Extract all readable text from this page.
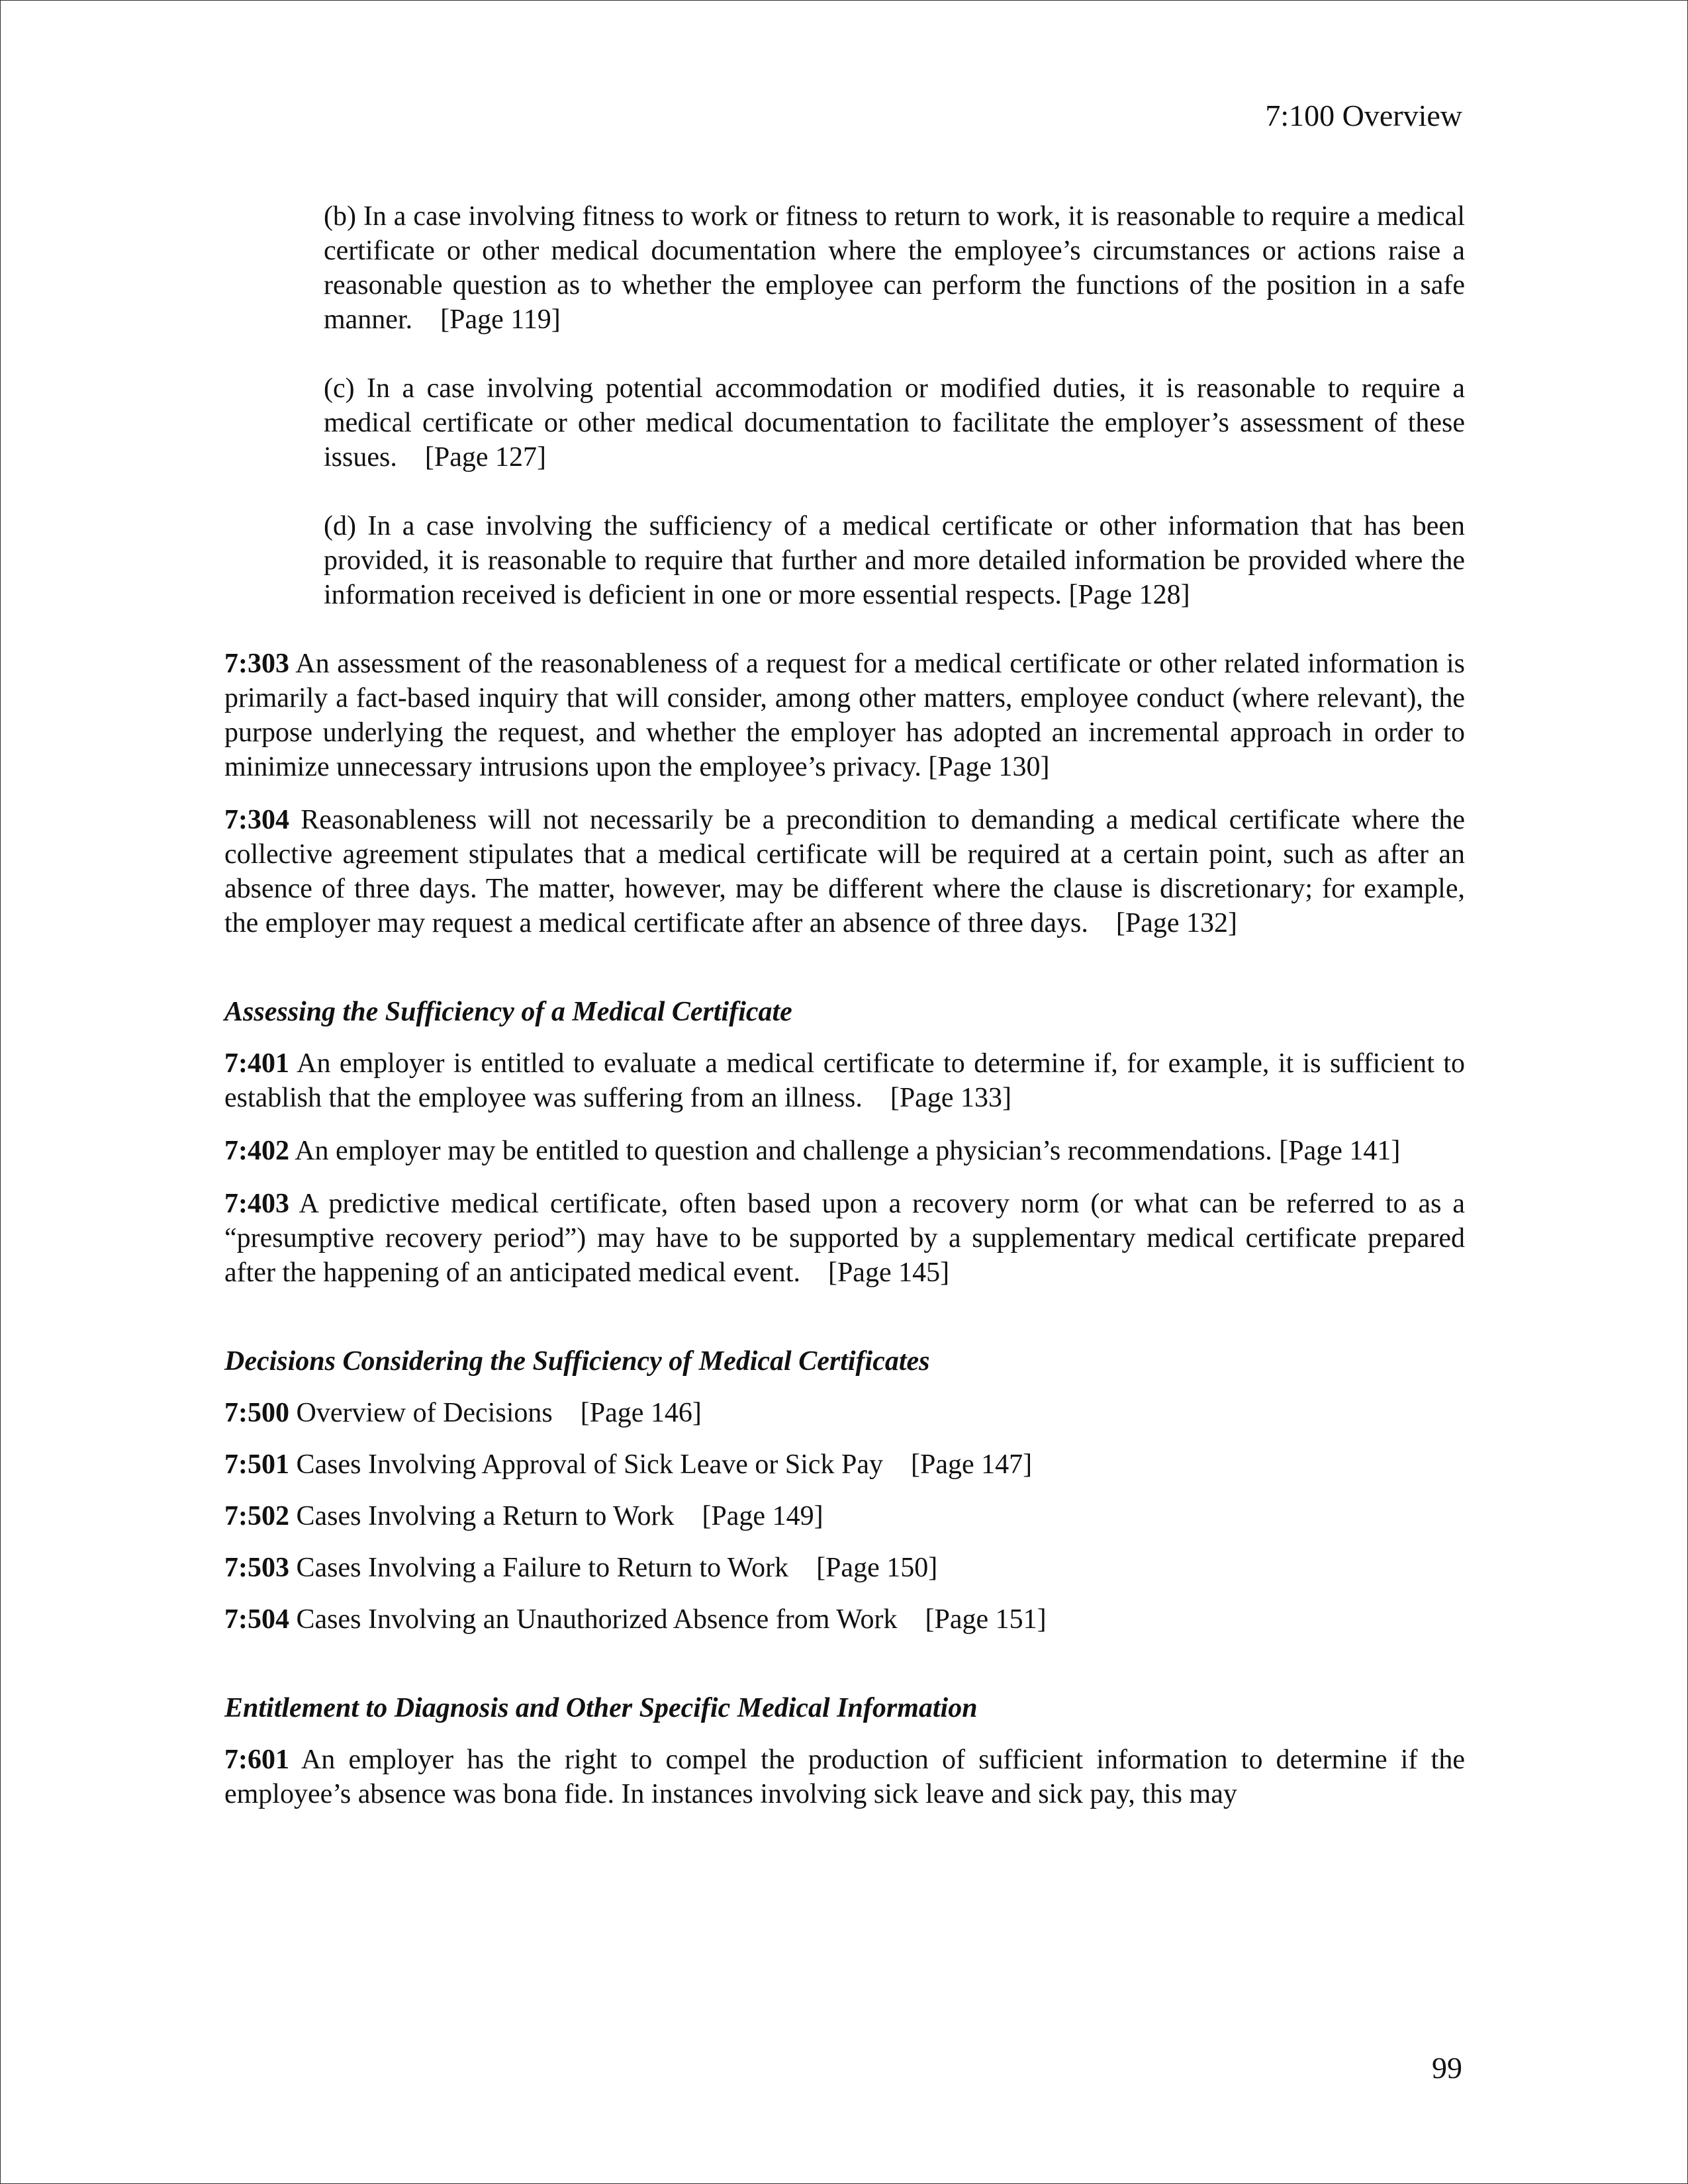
7:100 Overview

(b) In a case involving fitness to work or fitness to return to work, it is reasonable to require a medical certificate or other medical documentation where the employee’s circumstances or actions raise a reasonable question as to whether the employee can perform the functions of the position in a safe manner. [Page 119]

(c) In a case involving potential accommodation or modified duties, it is reasonable to require a medical certificate or other medical documentation to facilitate the employer’s assessment of these issues. [Page 127]

(d) In a case involving the sufficiency of a medical certificate or other information that has been provided, it is reasonable to require that further and more detailed information be provided where the information received is deficient in one or more essential respects. [Page 128]

7:303 An assessment of the reasonableness of a request for a medical certificate or other related information is primarily a fact-based inquiry that will consider, among other matters, employee conduct (where relevant), the purpose underlying the request, and whether the employer has adopted an incremental approach in order to minimize unnecessary intrusions upon the employee’s privacy. [Page 130]

7:304 Reasonableness will not necessarily be a precondition to demanding a medical certificate where the collective agreement stipulates that a medical certificate will be required at a certain point, such as after an absence of three days. The matter, however, may be different where the clause is discretionary; for example, the employer may request a medical certificate after an absence of three days. [Page 132]

Assessing the Sufficiency of a Medical Certificate

7:401 An employer is entitled to evaluate a medical certificate to determine if, for example, it is sufficient to establish that the employee was suffering from an illness. [Page 133]

7:402 An employer may be entitled to question and challenge a physician’s recommendations. [Page 141]

7:403 A predictive medical certificate, often based upon a recovery norm (or what can be referred to as a “presumptive recovery period”) may have to be supported by a supplementary medical certificate prepared after the happening of an anticipated medical event. [Page 145]

Decisions Considering the Sufficiency of Medical Certificates

7:500 Overview of Decisions [Page 146]

7:501 Cases Involving Approval of Sick Leave or Sick Pay [Page 147]

7:502 Cases Involving a Return to Work [Page 149]

7:503 Cases Involving a Failure to Return to Work [Page 150]

7:504 Cases Involving an Unauthorized Absence from Work [Page 151]

Entitlement to Diagnosis and Other Specific Medical Information

7:601 An employer has the right to compel the production of sufficient information to determine if the employee’s absence was bona fide. In instances involving sick leave and sick pay, this may

99
